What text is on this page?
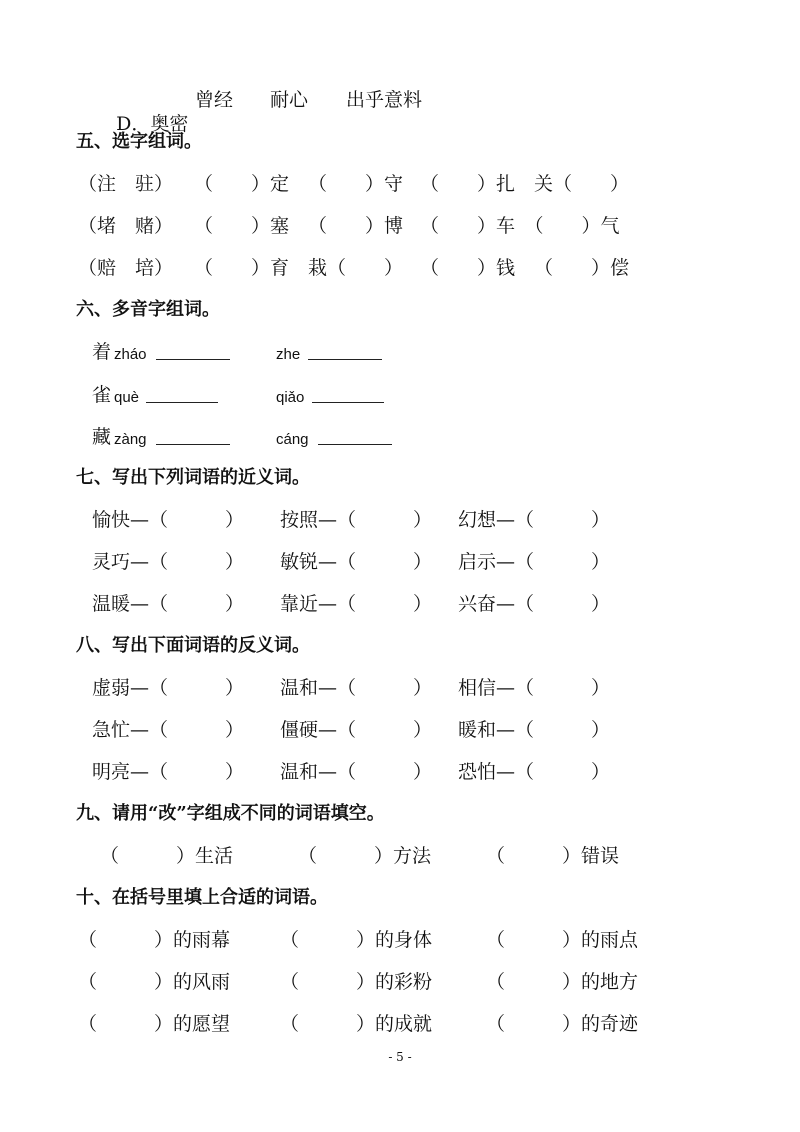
D．奥密

曾经 耐心 出乎意料
五、选字组词。
（注　驻） （　　）定 （　　）守 （　　）扎　关（　　）
（堵　赌） （　　）塞 （　　）博 （　　）车　（　　）气
（赔　培） （　　）育　栽（　　） （　　）钱 （　　）偿
六、多音字组词。
着 zháo	zhe
雀 què	qiǎo
藏 zàng	cáng
七、写出下列词语的近义词。
愉快—（　　　） 按照—（　　　） 幻想—（　　　）
灵巧—（　　　） 敏锐—（　　　） 启示—（　　　）
温暖—（　　　） 靠近—（　　　） 兴奋—（　　　）
八、写出下面词语的反义词。
虚弱—（　　　） 温和—（　　　） 相信—（　　　）
急忙—（　　　） 僵硬—（　　　） 暖和—（　　　）
明亮—（　　　） 温和—（　　　） 恐怕—（　　　）
九、请用“改”字组成不同的词语填空。
（　　　）生活	（　　　）方法	（　　　）错误
十、在括号里填上合适的词语。
（　　　）的雨幕	（　　　）的身体	（　　　）的雨点
（　　　）的风雨	（　　　）的彩粉	（　　　）的地方
（　　　）的愿望	（　　　）的成就	（　　　）的奇迹
- 5 -
